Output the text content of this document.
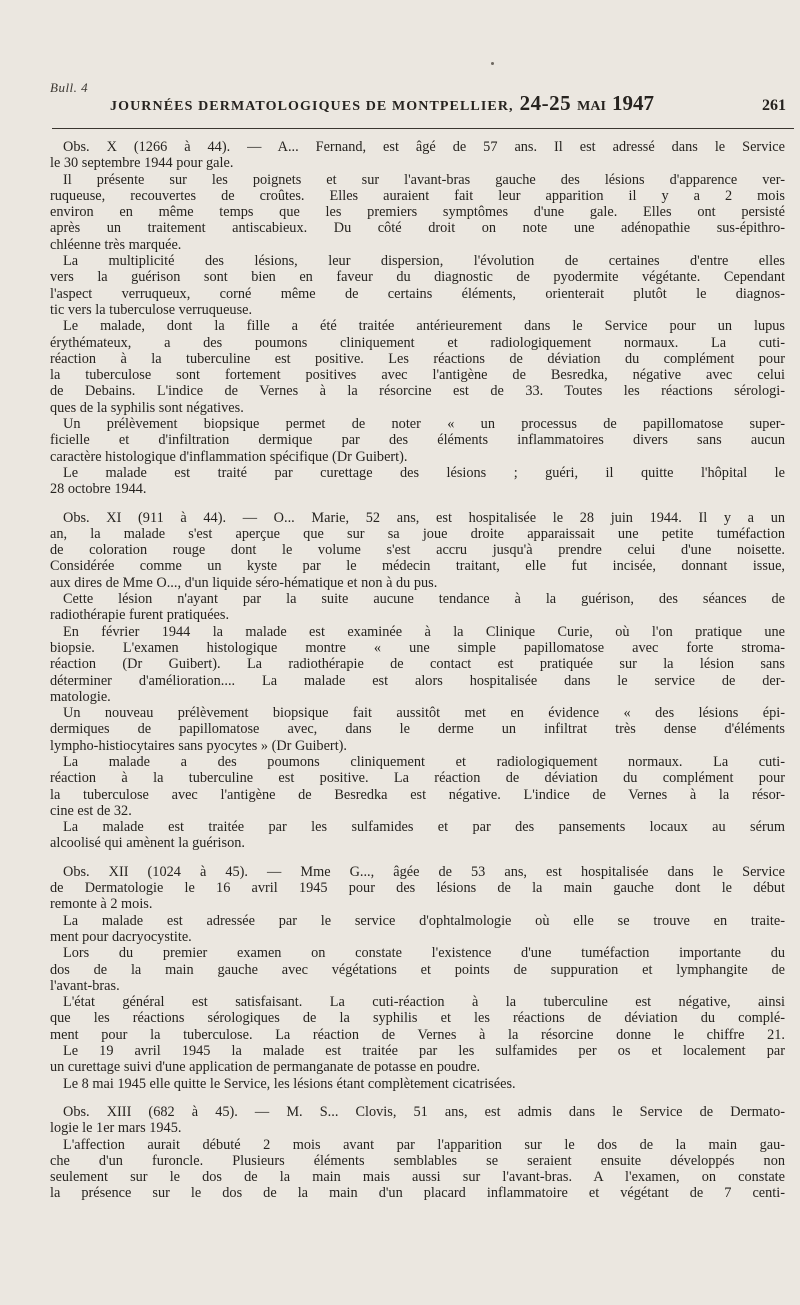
Bull. 4
JOURNÉES DERMATOLOGIQUES DE MONTPELLIER, 24-25 MAI 1947	261
Obs. X (1266 à 44). — A... Fernand, est âgé de 57 ans. Il est adressé dans le Service
le 30 septembre 1944 pour gale.
Il présente sur les poignets et sur l'avant-bras gauche des lésions d'apparence ver-
ruqueuse, recouvertes de croûtes. Elles auraient fait leur apparition il y a 2 mois
environ en même temps que les premiers symptômes d'une gale. Elles ont persisté
après un traitement antiscabieux. Du côté droit on note une adénopathie sus-épithro-
chléenne très marquée.
La multiplicité des lésions, leur dispersion, l'évolution de certaines d'entre elles
vers la guérison sont bien en faveur du diagnostic de pyodermite végétante. Cependant
l'aspect verruqueux, corné même de certains éléments, orienterait plutôt le diagnos-
tic vers la tuberculose verruqueuse.
Le malade, dont la fille a été traitée antérieurement dans le Service pour un lupus
érythémateux, a des poumons cliniquement et radiologiquement normaux. La cuti-
réaction à la tuberculine est positive. Les réactions de déviation du complément pour
la tuberculose sont fortement positives avec l'antigène de Besredka, négative avec celui
de Debains. L'indice de Vernes à la résorcine est de 33. Toutes les réactions sérologi-
ques de la syphilis sont négatives.
Un prélèvement biopsique permet de noter « un processus de papillomatose super-
ficielle et d'infiltration dermique par des éléments inflammatoires divers sans aucun
caractère histologique d'inflammation spécifique (Dr Guibert).
Le malade est traité par curettage des lésions ; guéri, il quitte l'hôpital le
28 octobre 1944.
Obs. XI (911 à 44). — O... Marie, 52 ans, est hospitalisée le 28 juin 1944. Il y a un
an, la malade s'est aperçue que sur sa joue droite apparaissait une petite tuméfaction
de coloration rouge dont le volume s'est accru jusqu'à prendre celui d'une noisette.
Considérée comme un kyste par le médecin traitant, elle fut incisée, donnant issue,
aux dires de Mme O..., d'un liquide séro-hématique et non à du pus.
Cette lésion n'ayant par la suite aucune tendance à la guérison, des séances de
radiothérapie furent pratiquées.
En février 1944 la malade est examinée à la Clinique Curie, où l'on pratique une
biopsie. L'examen histologique montre « une simple papillomatose avec forte stroma-
réaction (Dr Guibert). La radiothérapie de contact est pratiquée sur la lésion sans
déterminer d'amélioration.... La malade est alors hospitalisée dans le service de der-
matologie.
Un nouveau prélèvement biopsique fait aussitôt met en évidence « des lésions épi-
dermiques de papillomatose avec, dans le derme un infiltrat très dense d'éléments
lympho-histiocytaires sans pyocytes » (Dr Guibert).
La malade a des poumons cliniquement et radiologiquement normaux. La cuti-
réaction à la tuberculine est positive. La réaction de déviation du complément pour
la tuberculose avec l'antigène de Besredka est négative. L'indice de Vernes à la résor-
cine est de 32.
La malade est traitée par les sulfamides et par des pansements locaux au sérum
alcoolisé qui amènent la guérison.
Obs. XII (1024 à 45). — Mme G..., âgée de 53 ans, est hospitalisée dans le Service
de Dermatologie le 16 avril 1945 pour des lésions de la main gauche dont le début
remonte à 2 mois.
La malade est adressée par le service d'ophtalmologie où elle se trouve en traite-
ment pour dacryocystite.
Lors du premier examen on constate l'existence d'une tuméfaction importante du
dos de la main gauche avec végétations et points de suppuration et lymphangite de
l'avant-bras.
L'état général est satisfaisant. La cuti-réaction à la tuberculine est négative, ainsi
que les réactions sérologiques de la syphilis et les réactions de déviation du complé-
ment pour la tuberculose. La réaction de Vernes à la résorcine donne le chiffre 21.
Le 19 avril 1945 la malade est traitée par les sulfamides per os et localement par
un curettage suivi d'une application de permanganate de potasse en poudre.
Le 8 mai 1945 elle quitte le Service, les lésions étant complètement cicatrisées.
Obs. XIII (682 à 45). — M. S... Clovis, 51 ans, est admis dans le Service de Dermato-
logie le 1er mars 1945.
L'affection aurait débuté 2 mois avant par l'apparition sur le dos de la main gau-
che d'un furoncle. Plusieurs éléments semblables se seraient ensuite développés non
seulement sur le dos de la main mais aussi sur l'avant-bras. A l'examen, on constate
la présence sur le dos de la main d'un placard inflammatoire et végétant de 7 centi-
